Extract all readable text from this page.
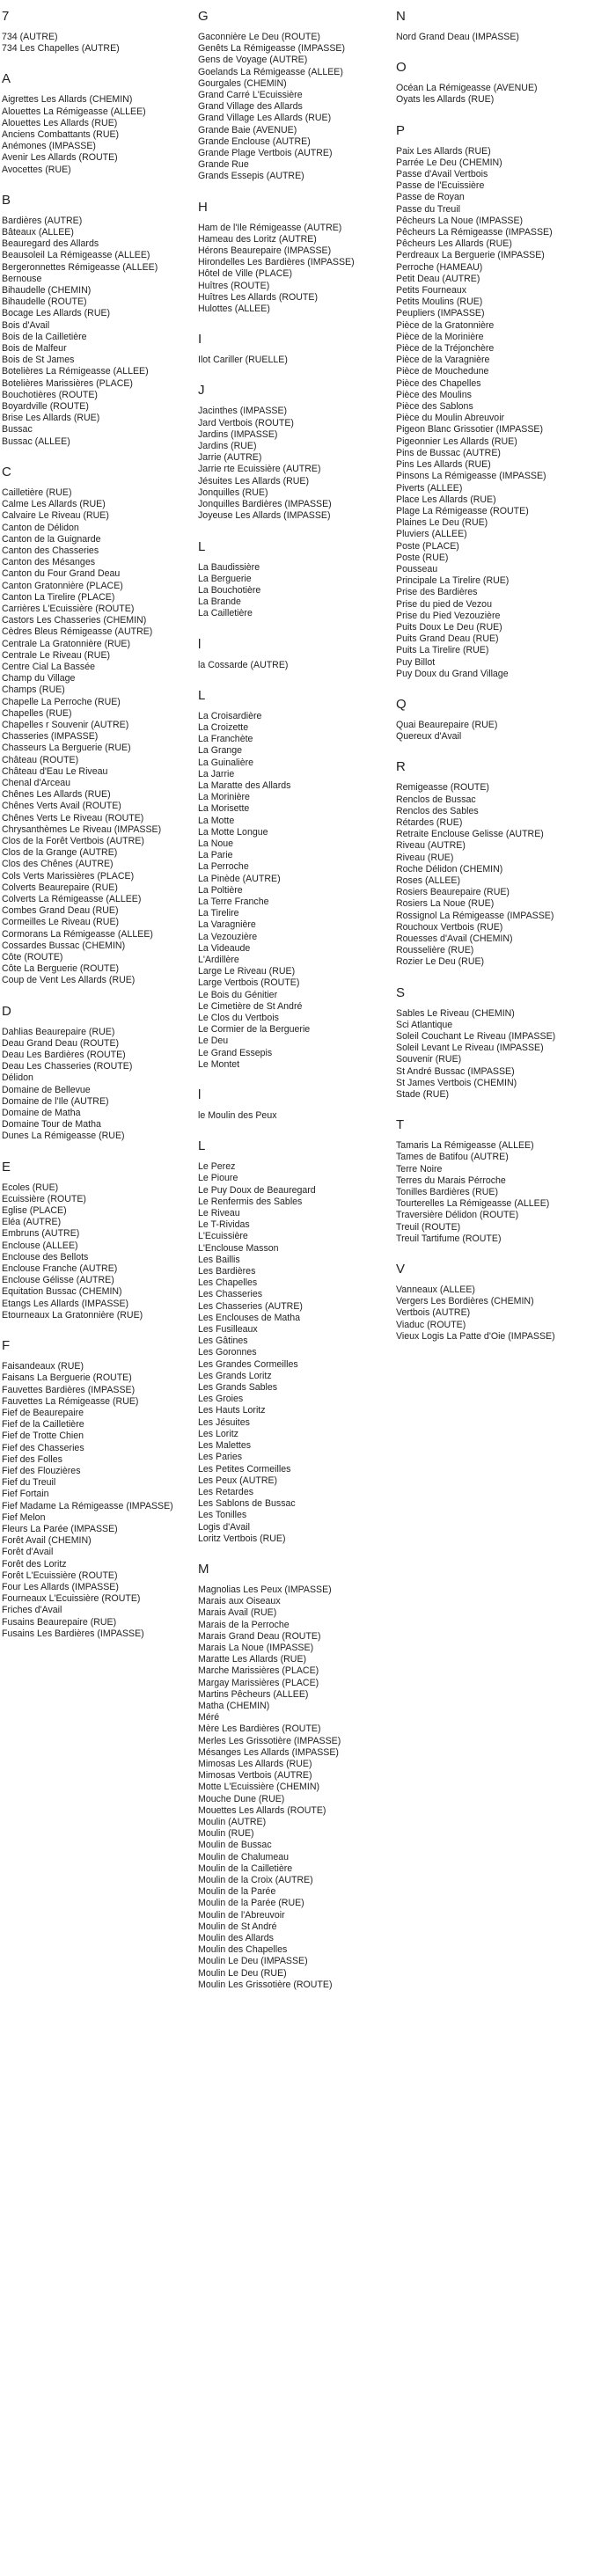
7
734 (AUTRE)
734 Les Chapelles (AUTRE)
A
Aigrettes Les Allards (CHEMIN)
Alouettes La Rémigeasse (ALLEE)
Alouettes Les Allards (RUE)
Anciens Combattants (RUE)
Anémones (IMPASSE)
Avenir Les Allards (ROUTE)
Avocettes (RUE)
B
Bardières (AUTRE)
Bâteaux (ALLEE)
Beauregard des Allards
Beausoleil La Rémigeasse (ALLEE)
Bergeronnettes Rémigeasse (ALLEE)
Bernouse
Bihaudelle (CHEMIN)
Bihaudelle (ROUTE)
Bocage Les Allards (RUE)
Bois d'Avail
Bois de la Cailletière
Bois de Malfeur
Bois de St James
Botelières La Rémigeasse (ALLEE)
Botelières Marissières (PLACE)
Bouchotières (ROUTE)
Boyardville (ROUTE)
Brise Les Allards (RUE)
Bussac
Bussac (ALLEE)
C
Cailletière (RUE)
Calme Les Allards (RUE)
Calvaire Le Riveau (RUE)
Canton de Délidon
Canton de la Guignarde
Canton des Chasseries
Canton des Mésanges
Canton du Four Grand Deau
Canton Gratonnière (PLACE)
Canton La Tirelire (PLACE)
Carrières L'Ecuissière (ROUTE)
Castors Les Chasseries (CHEMIN)
Cèdres Bleus Rémigeasse (AUTRE)
Centrale La Gratonnière (RUE)
Centrale Le Riveau (RUE)
Centre Cial La Bassée
Champ du Village
Champs (RUE)
Chapelle La Perroche (RUE)
Chapelles (RUE)
Chapelles r Souvenir (AUTRE)
Chasseries (IMPASSE)
Chasseurs La Berguerie (RUE)
Château (ROUTE)
Château d'Eau Le Riveau
Chenal d'Arceau
Chênes Les Allards (RUE)
Chênes Verts Avail (ROUTE)
Chênes Verts Le Riveau (ROUTE)
Chrysanthèmes Le Riveau (IMPASSE)
Clos de la Forêt Vertbois (AUTRE)
Clos de la Grange (AUTRE)
Clos des Chênes (AUTRE)
Cols Verts Marissières (PLACE)
Colverts Beaurepaire (RUE)
Colverts La Rémigeasse (ALLEE)
Combes Grand Deau (RUE)
Cormeilles Le Riveau (RUE)
Cormorans La Rémigeasse (ALLEE)
Cossardes Bussac (CHEMIN)
Côte (ROUTE)
Côte La Berguerie (ROUTE)
Coup de Vent Les Allards (RUE)
D
Dahlias Beaurepaire (RUE)
Deau Grand Deau (ROUTE)
Deau Les Bardières (ROUTE)
Deau Les Chasseries (ROUTE)
Délidon
Domaine de Bellevue
Domaine de l'Ile (AUTRE)
Domaine de Matha
Domaine Tour de Matha
Dunes La Rémigeasse (RUE)
E
Ecoles (RUE)
Ecuissière (ROUTE)
Eglise (PLACE)
Eléa (AUTRE)
Embruns (AUTRE)
Enclouse (ALLEE)
Enclouse des Bellots
Enclouse Franche (AUTRE)
Enclouse Gélisse (AUTRE)
Equitation Bussac (CHEMIN)
Etangs Les Allards (IMPASSE)
Etourneaux La Gratonnière (RUE)
F
Faisandeaux (RUE)
Faisans La Berguerie (ROUTE)
Fauvettes Bardières (IMPASSE)
Fauvettes La Rémigeasse (RUE)
Fief de Beaurepaire
Fief de la Cailletière
Fief de Trotte Chien
Fief des Chasseries
Fief des Folles
Fief des Flouzières
Fief du Treuil
Fief Fortain
Fief Madame La Rémigeasse (IMPASSE)
Fief Melon
Fleurs La Parée (IMPASSE)
Forêt Avail (CHEMIN)
Forêt d'Avail
Forêt des Loritz
Forêt L'Ecuissière (ROUTE)
Four Les Allards (IMPASSE)
Fourneaux L'Ecuissière (ROUTE)
Friches d'Avail
Fusains Beaurepaire (RUE)
Fusains Les Bardières (IMPASSE)
G
Gaconnière Le Deu (ROUTE)
Genêts La Rémigeasse (IMPASSE)
Gens de Voyage (AUTRE)
Goelands La Rémigeasse (ALLEE)
Gourgales (CHEMIN)
Grand Carré L'Ecuissière
Grand Village des Allards
Grand Village Les Allards (RUE)
Grande Baie (AVENUE)
Grande Enclouse (AUTRE)
Grande Plage Vertbois (AUTRE)
Grande Rue
Grands Essepis (AUTRE)
H
Ham de l'Ile Rémigeasse (AUTRE)
Hameau des Loritz (AUTRE)
Hérons Beaurepaire (IMPASSE)
Hirondelles Les Bardières (IMPASSE)
Hôtel de Ville (PLACE)
Huîtres (ROUTE)
Huîtres Les Allards (ROUTE)
Hulottes (ALLEE)
I
Ilot Cariller (RUELLE)
J
Jacinthes (IMPASSE)
Jard Vertbois (ROUTE)
Jardins (IMPASSE)
Jardins (RUE)
Jarrie (AUTRE)
Jarrie rte Ecuissière (AUTRE)
Jésuites Les Allards (RUE)
Jonquilles (RUE)
Jonquilles Bardières (IMPASSE)
Joyeuse Les Allards (IMPASSE)
L
La Baudissière
La Berguerie
La Bouchotière
La Brande
La Cailletière
l
la Cossarde (AUTRE)
L
La Croisardière
La Croizette
La Franchète
La Grange
La Guinalière
La Jarrie
La Maratte des Allards
La Morinière
La Morisette
La Motte
La Motte Longue
La Noue
La Parie
La Perroche
La Pinède (AUTRE)
La Poltière
La Terre Franche
La Tirelire
La Varagnière
La Vezouzière
La Videaude
L'Ardillère
Large Le Riveau (RUE)
Large Vertbois (ROUTE)
Le Bois du Génitier
Le Cimetière de St André
Le Clos du Vertbois
Le Cormier de la Berguerie
Le Deu
Le Grand Essepis
Le Montet
l
le Moulin des Peux
L
Le Perez
Le Pioure
Le Puy Doux de Beauregard
Le Renfermis des Sables
Le Riveau
Le T-Rividas
L'Ecuissière
L'Enclouse Masson
Les Baillis
Les Bardières
Les Chapelles
Les Chasseries
Les Chasseries (AUTRE)
Les Enclouses de Matha
Les Fusilleaux
Les Gâtines
Les Goronnes
Les Grandes Cormeilles
Les Grands Loritz
Les Grands Sables
Les Groies
Les Hauts Loritz
Les Jésuites
Les Loritz
Les Malettes
Les Paries
Les Petites Cormeilles
Les Peux (AUTRE)
Les Retardes
Les Sablons de Bussac
Les Tonilles
Logis d'Avail
Loritz Vertbois (RUE)
M
Magnolias Les Peux (IMPASSE)
Marais aux Oiseaux
Marais Avail (RUE)
Marais de la Perroche
Marais Grand Deau (ROUTE)
Marais La Noue (IMPASSE)
Maratte Les Allards (RUE)
Marche Marissières (PLACE)
Margay Marissières (PLACE)
Martins Pêcheurs (ALLEE)
Matha (CHEMIN)
Méré
Mère Les Bardières (ROUTE)
Merles Les Grissotière (IMPASSE)
Mésanges Les Allards (IMPASSE)
Mimosas Les Allards (RUE)
Mimosas Vertbois (AUTRE)
Motte L'Ecuissière (CHEMIN)
Mouche Dune (RUE)
Mouettes Les Allards (ROUTE)
Moulin (AUTRE)
Moulin (RUE)
Moulin de Bussac
Moulin de Chalumeau
Moulin de la Cailletière
Moulin de la Croix (AUTRE)
Moulin de la Parée
Moulin de la Parée (RUE)
Moulin de l'Abreuvoir
Moulin de St André
Moulin des Allards
Moulin des Chapelles
Moulin Le Deu (IMPASSE)
Moulin Le Deu (RUE)
Moulin Les Grissotière (ROUTE)
N
Nord Grand Deau (IMPASSE)
O
Océan La Rémigeasse (AVENUE)
Oyats les Allards (RUE)
P
Paix Les Allards (RUE)
Parrée Le Deu (CHEMIN)
Passe d'Avail Vertbois
Passe de l'Ecuissière
Passe de Royan
Passe du Treuil
Pêcheurs La Noue (IMPASSE)
Pêcheurs La Rémigeasse (IMPASSE)
Pêcheurs Les Allards (RUE)
Perdreaux La Berguerie (IMPASSE)
Perroche (HAMEAU)
Petit Deau (AUTRE)
Petits Fourneaux
Petits Moulins (RUE)
Peupliers (IMPASSE)
Pièce de la Gratonnière
Pièce de la Morinière
Pièce de la Tréjonchère
Pièce de la Varagnière
Pièce de Mouchedune
Pièce des Chapelles
Pièce des Moulins
Pièce des Sablons
Pièce du Moulin Abreuvoir
Pigeon Blanc Grissotier (IMPASSE)
Pigeonnier Les Allards (RUE)
Pins de Bussac (AUTRE)
Pins Les Allards (RUE)
Pinsons La Rémigeasse (IMPASSE)
Piverts (ALLEE)
Place Les Allards (RUE)
Plage La Rémigeasse (ROUTE)
Plaines Le Deu (RUE)
Pluviers (ALLEE)
Poste (PLACE)
Poste (RUE)
Pousseau
Principale La Tirelire (RUE)
Prise des Bardières
Prise du pied de Vezou
Prise du Pied Vezouzière
Puits Doux Le Deu (RUE)
Puits Grand Deau (RUE)
Puits La Tirelire (RUE)
Puy Billot
Puy Doux du Grand Village
Q
Quai Beaurepaire (RUE)
Quereux d'Avail
R
Remigeasse (ROUTE)
Renclos de Bussac
Renclos des Sables
Rétardes (RUE)
Retraite Enclouse Gelisse (AUTRE)
Riveau (AUTRE)
Riveau (RUE)
Roche Délidon (CHEMIN)
Roses (ALLEE)
Rosiers Beaurepaire (RUE)
Rosiers La Noue (RUE)
Rossignol La Rémigeasse (IMPASSE)
Rouchoux Vertbois (RUE)
Rouesses d'Avail (CHEMIN)
Rousselière (RUE)
Rozier Le Deu (RUE)
S
Sables Le Riveau (CHEMIN)
Sci Atlantique
Soleil Couchant Le Riveau (IMPASSE)
Soleil Levant Le Riveau (IMPASSE)
Souvenir (RUE)
St André Bussac (IMPASSE)
St James Vertbois (CHEMIN)
Stade (RUE)
T
Tamaris La Rémigeasse (ALLEE)
Tames de Batifou (AUTRE)
Terre Noire
Terres du Marais Pérroche
Tonilles Bardières (RUE)
Tourterelles La Rémigeasse (ALLEE)
Traversière Délidon (ROUTE)
Treuil (ROUTE)
Treuil Tartifume (ROUTE)
V
Vanneaux (ALLEE)
Vergers Les Bordières (CHEMIN)
Vertbois (AUTRE)
Viaduc (ROUTE)
Vieux Logis La Patte d'Oie (IMPASSE)
